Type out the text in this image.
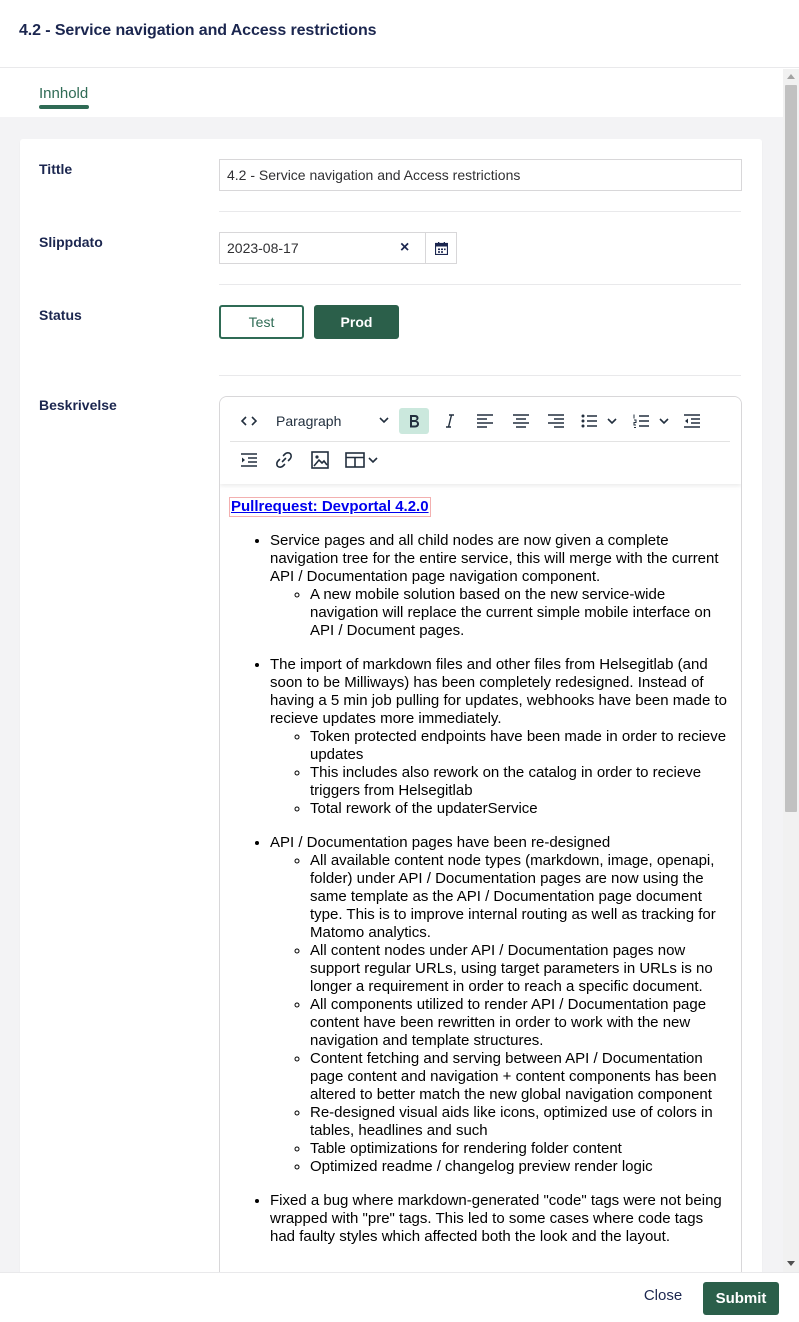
4.2 - Service navigation and Access restrictions
Innhold
Tittle
4.2 - Service navigation and Access restrictions
Slippdato	2023-08-17	×
Status	Test	Prod
Beskrivelse
Paragraph
Pullrequest: Devportal 4.2.0
• Service pages and all child nodes are now given a complete navigation tree for the entire service, this will merge with the current API / Documentation page navigation component.
◦ A new mobile solution based on the new service-wide navigation will replace the current simple mobile interface on API / Document pages.
• The import of markdown files and other files from Helsegitlab (and soon to be Milliways) has been completely redesigned. Instead of having a 5 min job pulling for updates, webhooks have been made to recieve updates more immediately.
◦ Token protected endpoints have been made in order to recieve updates
◦ This includes also rework on the catalog in order to recieve triggers from Helsegitlab
◦ Total rework of the updaterService
• API / Documentation pages have been re-designed
◦ All available content node types (markdown, image, openapi, folder) under API / Documentation pages are now using the same template as the API / Documentation page document type. This is to improve internal routing as well as tracking for Matomo analytics.
◦ All content nodes under API / Documentation pages now support regular URLs, using target parameters in URLs is no longer a requirement in order to reach a specific document.
◦ All components utilized to render API / Documentation page content have been rewritten in order to work with the new navigation and template structures.
◦ Content fetching and serving between API / Documentation page content and navigation + content components has been altered to better match the new global navigation component
◦ Re-designed visual aids like icons, optimized use of colors in tables, headlines and such
◦ Table optimizations for rendering folder content
◦ Optimized readme / changelog preview render logic
• Fixed a bug where markdown-generated "code" tags were not being wrapped with "pre" tags. This led to some cases where code tags had faulty styles which affected both the look and the layout.
Close	Submit
